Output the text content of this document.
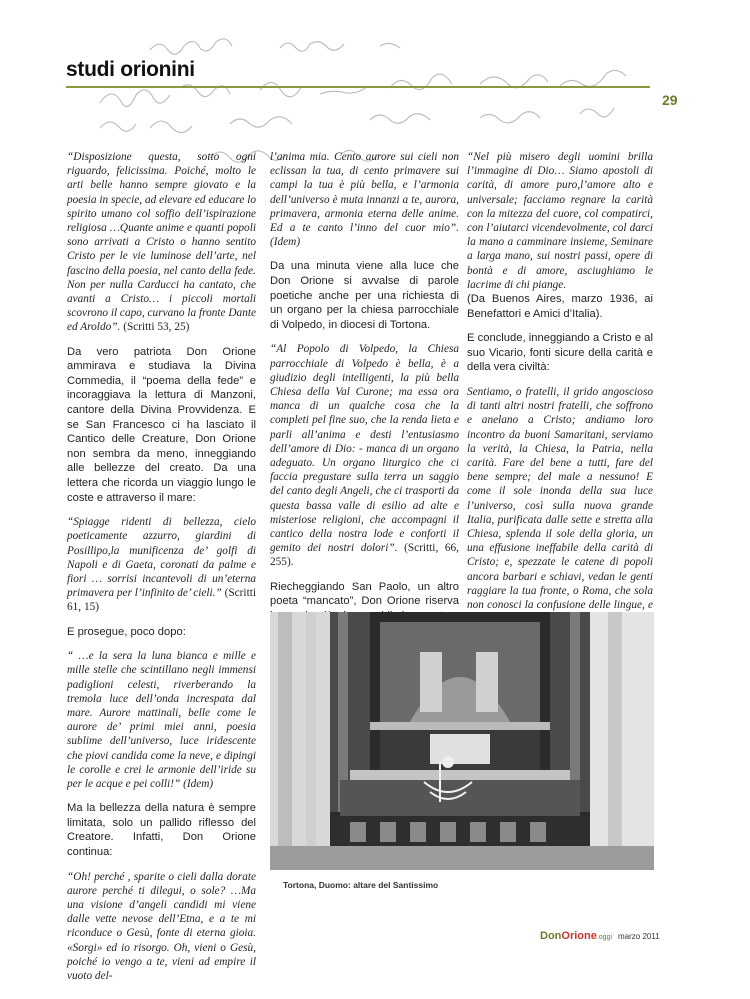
studi orionini
29

“Disposizione questa, sotto ogni riguardo, felicissima. Poiché, molto le arti belle hanno sempre giovato e la poesia in specie, ad elevare ed educare lo spirito umano col soffio dell’ispirazione religiosa …Quante anime e quanti popoli sono arrivati a Cristo o hanno sentito Cristo per le vie luminose dell’arte, nel fascino della poesia, nel canto della fede. Non per nulla Carducci ha cantato, che avanti a Cristo… i piccoli mortali scovrono il capo, curvano la fronte Dante ed Aroldo”. (Scritti 53, 25)

Da vero patriota Don Orione ammirava e studiava la Divina Commedia, il “poema della fede” e incoraggiava la lettura di Manzoni, cantore della Divina Provvidenza. E se San Francesco ci ha lasciato il Cantico delle Creature, Don Orione non sembra da meno, inneggiando alle bellezze del creato. Da una lettera che ricorda un viaggio lungo le coste e attraverso il mare:

“Spiagge ridenti di bellezza, cielo poeticamente azzurro, giardini di Posillipo,la munificenza de’ golfi di Napoli e di Gaeta, coronati da palme e fiori … sorrisi incantevoli di un’eterna primavera per l’infinito de’ cieli.” (Scritti 61, 15)

E prosegue, poco dopo:

“ …e la sera la luna bianca e mille e mille stelle che scintillano negli immensi padiglioni celesti, riverberando la tremola luce dell’onda increspata dal mare. Aurore mattinali, belle come le aurore de’ primi miei anni, poesia sublime dell’universo, luce iridescente che piovi candida come la neve, e dipingi le corolle e crei le armonie dell’iride su per le acque e pei colli!” (Idem)

Ma la bellezza della natura è sempre limitata, solo un pallido riflesso del Creatore. Infatti, Don Orione continua:

“Oh! perché , sparite o cieli dalla dorate aurore perché ti dilegui, o sole? …Ma una visione d’angeli candidi mi viene dalle vette nevose dell’Etna, e a te mi riconduce o Gesù, fonte di eterna gioia. «Sorgi» ed io risorgo. Oh, vieni o Gesù, poiché io vengo a te, vieni ad empire il vuoto del-

l’anima mia. Cento aurore sui cieli non eclissan la tua, di cento primavere sui campi la tua è più bella, e l’armonia dell’universo è muta innanzi a te, aurora, primavera, armonia eterna delle anime. Ed a te canto l’inno del cuor mio”. (Idem)

Da una minuta viene alla luce che Don Orione si avvalse di parole poetiche anche per una richiesta di un organo per la chiesa parrocchiale di Volpedo, in diocesi di Tortona.

“Al Popolo di Volpedo, la Chiesa parrocchiale di Volpedo è bella, è a giudizio degli intelligenti, la più bella Chiesa della Val Curone; ma essa ora manca di un qualche cosa che la completi pel fine suo, che la renda lieta e parli all’anima e desti l’entusiasmo dell’amore di Dio: - manca di un organo adeguato. Un organo liturgico che ci faccia pregustare sulla terra un saggio del canto degli Angeli, che ci trasporti da questa bassa valle di esilio ad alte e misteriose religioni, che accompagni il cantico della nostra lode e conforti il gemito dei nostri dolori”. (Scritti, 66, 255).

Riecheggiando San Paolo, un altro poeta “mancato”, Don Orione riserva

“Nel più misero degli uomini brilla l’immagine di Dio… Siamo apostoli di carità, di amore puro,l’amore alto e universale; facciamo regnare la carità con la mitezza del cuore, col compatirci, con l’aiutarci vicendevolmente, col darci la mano a camminare insieme, Seminare a larga mano, sui nostri passi, opere di bontà e di amore, asciughiamo le lacrime di chi piange.
(Da Buenos Aires, marzo 1936, ai Benefattori e Amici d’Italia).

E conclude, inneggiando a Cristo e al suo Vicario, fonti sicure della carità e della vera civiltà:

Sentiamo, o fratelli, il grido angoscioso di tanti altri nostri fratelli, che soffrono e anelano a Cristo; andiamo loro incontro da buoni Samaritani, serviamo la verità, la Chiesa, la Patria, nella carità. Fare del bene a tutti, fare del bene sempre; del male a nessuno! E come il sole inonda della sua luce l’universo, così sulla nuova grande Italia, purificata dalle sette e stretta alla Chiesa, splenda il sole della gloria, un una effusione ineffabile della carità di Cristo; e, spezzate le catene di popoli ancora barbari e schiavi, vedan le genti raggiare la tua fronte, o Roma, che sola non conosci la confusione delle lingue, e

Tortona, Duomo: altare del Santissimo
DonOrione.oggi marzo 2011
